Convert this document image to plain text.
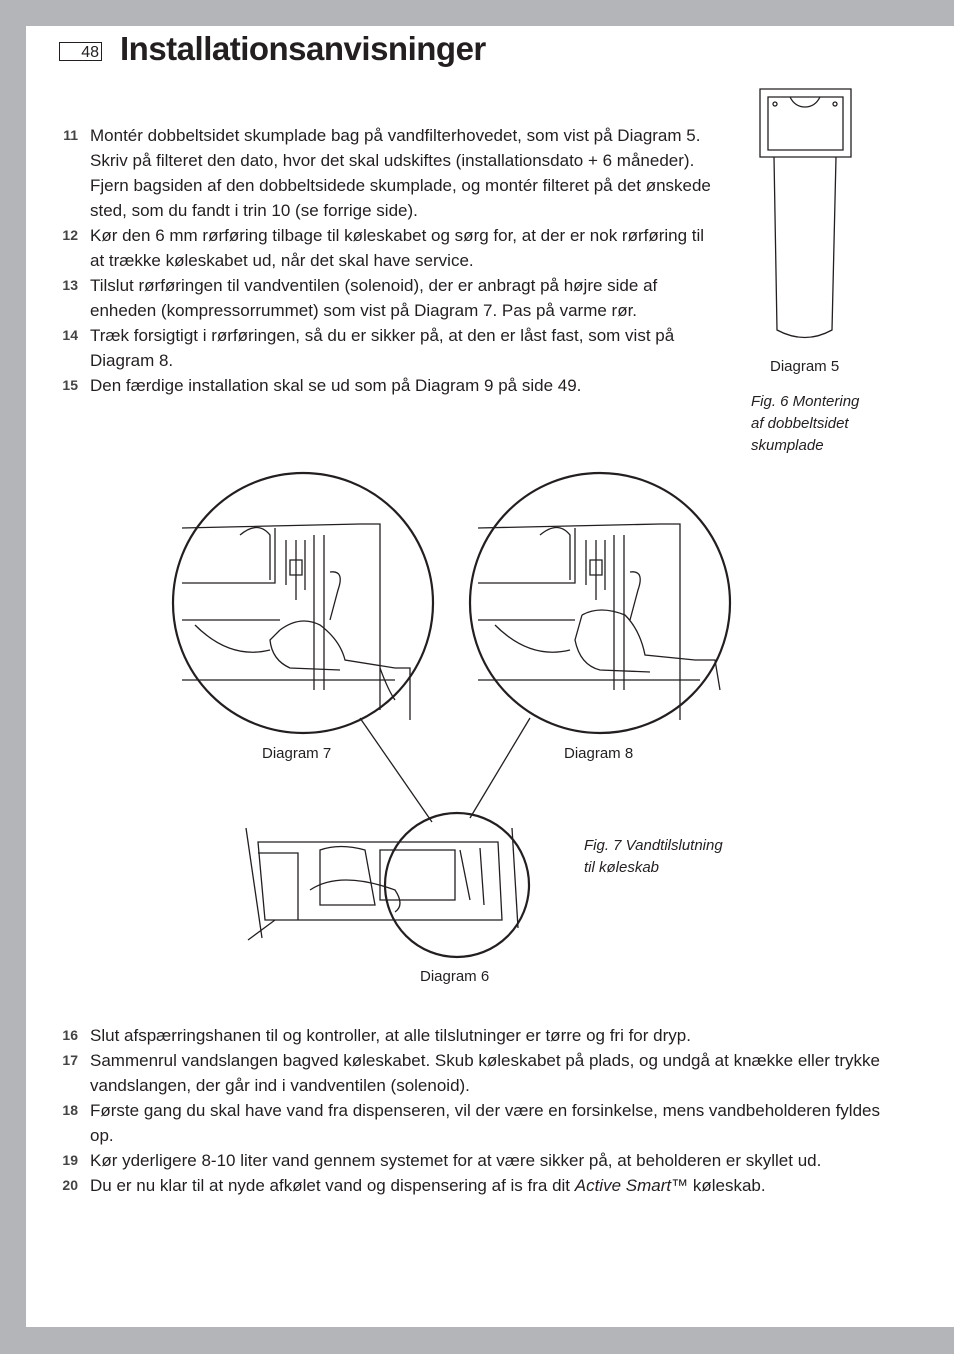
48 Installationsanvisninger
11 Montér dobbeltsidet skumplade bag på vandfilterhovedet, som vist på Diagram 5. Skriv på filteret den dato, hvor det skal udskiftes (installationsdato + 6 måneder). Fjern bagsiden af den dobbeltsidede skumplade, og montér filteret på det ønskede sted, som du fandt i trin 10 (se forrige side).
12 Kør den 6 mm rørføring tilbage til køleskabet og sørg for, at der er nok rørføring til at trække køleskabet ud, når det skal have service.
13 Tilslut rørføringen til vandventilen (solenoid), der er anbragt på højre side af enheden (kompressorrummet) som vist på Diagram 7. Pas på varme rør.
14 Træk forsigtigt i rørføringen, så du er sikker på, at den er låst fast, som vist på Diagram 8.
15 Den færdige installation skal se ud som på Diagram 9 på side 49.
Diagram 5
Fig. 6 Montering
af dobbeltsidet
skumplade
Diagram 7	Diagram 8
Fig. 7 Vandtilslutning
til køleskab
Diagram 6
16 Slut afspærringshanen til og kontroller, at alle tilslutninger er tørre og fri for dryp.
17 Sammenrul vandslangen bagved køleskabet. Skub køleskabet på plads, og undgå at knække eller trykke vandslangen, der går ind i vandventilen (solenoid).
18 Første gang du skal have vand fra dispenseren, vil der være en forsinkelse, mens vandbeholderen fyldes op.
19 Kør yderligere 8-10 liter vand gennem systemet for at være sikker på, at beholderen er skyllet ud.
20 Du er nu klar til at nyde afkølet vand og dispensering af is fra dit Active Smart™ køleskab.
